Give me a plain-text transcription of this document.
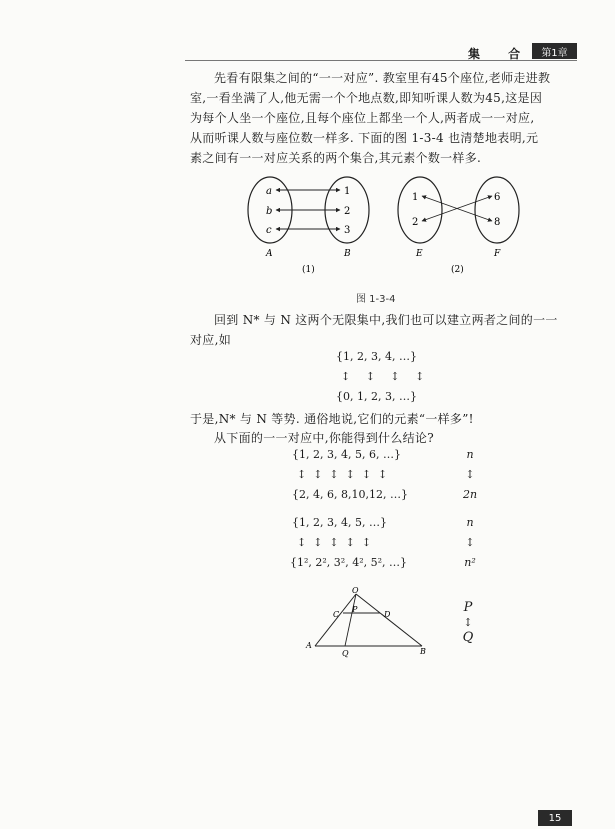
集 合 第1章

先看有限集之间的“一一对应”. 教室里有45个座位,老师走进教

室,一看坐满了人,他无需一个个地点数,即知听课人数为45,这是因

为每个人坐一个座位,且每个座位上都坐一个人,两者成一一对应,

从而听课人数与座位数一样多. 下面的图 1-3-4 也清楚地表明,元

素之间有一一对应关系的两个集合,其元素个数一样多.

a
b
c
1
2
3
A	B
(1)
1
2
6
8
E	F
(2)
图 1-3-4

回到 N* 与 N 这两个无限集中,我们也可以建立两者之间的一一

对应,如

{1, 2, 3, 4, …}
↕ ↕ ↕ ↕
{0, 1, 2, 3, …}
于是,N* 与 N 等势. 通俗地说,它们的元素“一样多”!
从下面的一一对应中,你能得到什么结论?
{1, 2, 3, 4, 5, 6, …}
↕  ↕  ↕  ↕  ↕  ↕
{2, 4, 6, 8,10,12, …}
n
↕
2n
{1, 2, 3, 4, 5, …}
↕  ↕  ↕  ↕  ↕
{1², 2², 3², 4², 5², …}
n
↕
n²
O
C
P
D
A
Q	B
P
↕
Q
15
